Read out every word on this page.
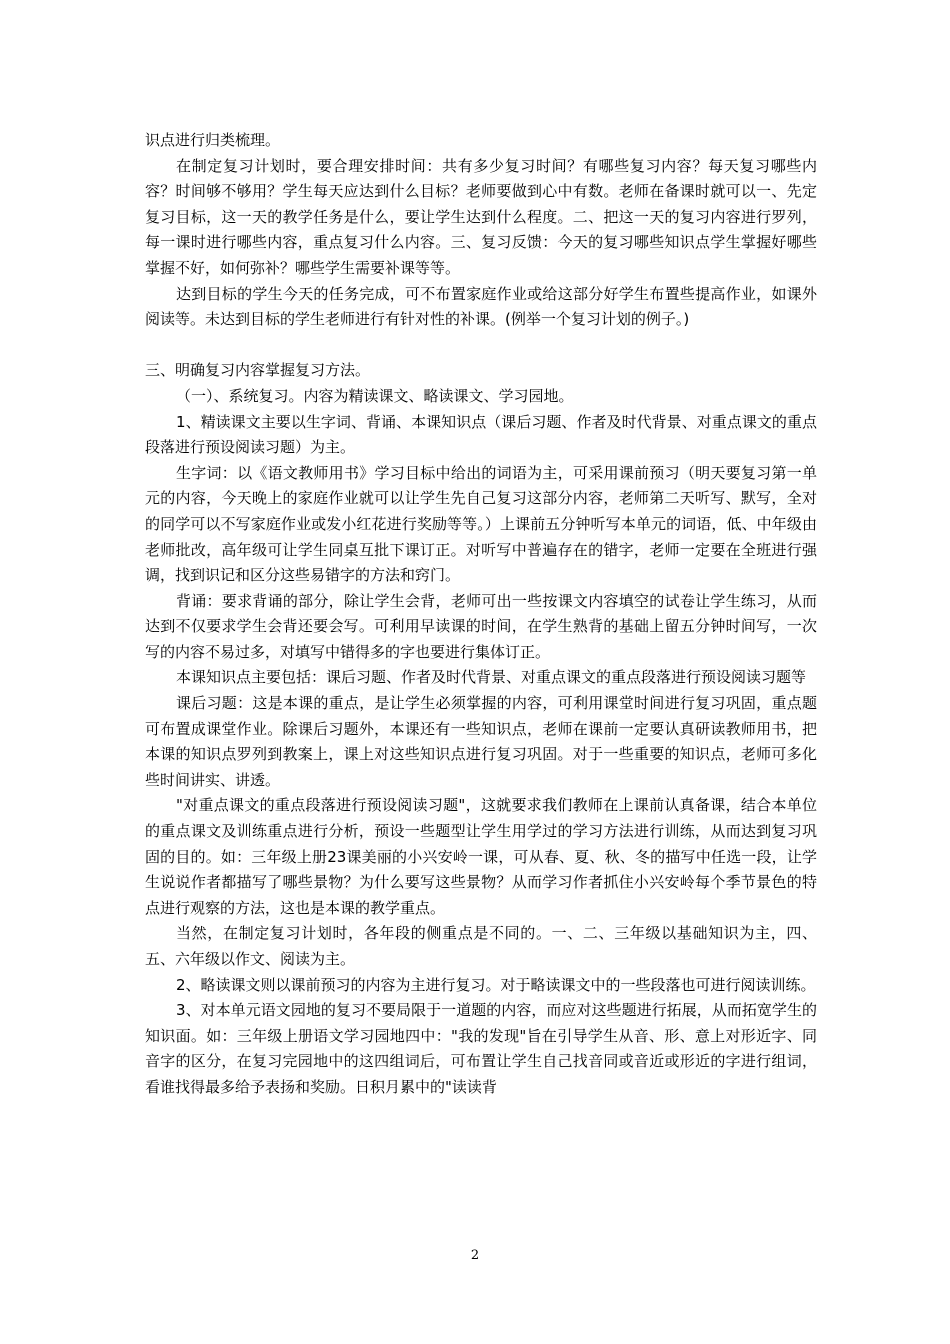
识点进行归类梳理。

在制定复习计划时，要合理安排时间：共有多少复习时间？有哪些复习内容？每天复习哪些内容？时间够不够用？学生每天应达到什么目标？老师要做到心中有数。老师在备课时就可以一、先定复习目标，这一天的教学任务是什么，要让学生达到什么程度。二、把这一天的复习内容进行罗列，每一课时进行哪些内容，重点复习什么内容。三、复习反馈：今天的复习哪些知识点学生掌握好哪些掌握不好，如何弥补？哪些学生需要补课等等。

达到目标的学生今天的任务完成，可不布置家庭作业或给这部分好学生布置些提高作业，如课外阅读等。未达到目标的学生老师进行有针对性的补课。(例举一个复习计划的例子。)

三、明确复习内容掌握复习方法。

（一）、系统复习。内容为精读课文、略读课文、学习园地。

1、精读课文主要以生字词、背诵、本课知识点（课后习题、作者及时代背景、对重点课文的重点段落进行预设阅读习题）为主。

生字词：以《语文教师用书》学习目标中给出的词语为主，可采用课前预习（明天要复习第一单元的内容，今天晚上的家庭作业就可以让学生先自己复习这部分内容，老师第二天听写、默写，全对的同学可以不写家庭作业或发小红花进行奖励等等。）上课前五分钟听写本单元的词语，低、中年级由老师批改，高年级可让学生同桌互批下课订正。对听写中普遍存在的错字，老师一定要在全班进行强调，找到识记和区分这些易错字的方法和窍门。

背诵：要求背诵的部分，除让学生会背，老师可出一些按课文内容填空的试卷让学生练习，从而达到不仅要求学生会背还要会写。可利用早读课的时间，在学生熟背的基础上留五分钟时间写，一次写的内容不易过多，对填写中错得多的字也要进行集体订正。

本课知识点主要包括：课后习题、作者及时代背景、对重点课文的重点段落进行预设阅读习题等

课后习题：这是本课的重点，是让学生必须掌握的内容，可利用课堂时间进行复习巩固，重点题可布置成课堂作业。除课后习题外，本课还有一些知识点，老师在课前一定要认真研读教师用书，把本课的知识点罗列到教案上，课上对这些知识点进行复习巩固。对于一些重要的知识点，老师可多化些时间讲实、讲透。

"对重点课文的重点段落进行预设阅读习题"，这就要求我们教师在上课前认真备课，结合本单位的重点课文及训练重点进行分析，预设一些题型让学生用学过的学习方法进行训练，从而达到复习巩固的目的。如：三年级上册23课美丽的小兴安岭一课，可从春、夏、秋、冬的描写中任选一段，让学生说说作者都描写了哪些景物？为什么要写这些景物？从而学习作者抓住小兴安岭每个季节景色的特点进行观察的方法，这也是本课的教学重点。

当然，在制定复习计划时，各年段的侧重点是不同的。一、二、三年级以基础知识为主，四、五、六年级以作文、阅读为主。

2、略读课文则以课前预习的内容为主进行复习。对于略读课文中的一些段落也可进行阅读训练。

3、对本单元语文园地的复习不要局限于一道题的内容，而应对这些题进行拓展，从而拓宽学生的知识面。如：三年级上册语文学习园地四中："我的发现"旨在引导学生从音、形、意上对形近字、同音字的区分，在复习完园地中的这四组词后，可布置让学生自己找音同或音近或形近的字进行组词，看谁找得最多给予表扬和奖励。日积月累中的"读读背

2
